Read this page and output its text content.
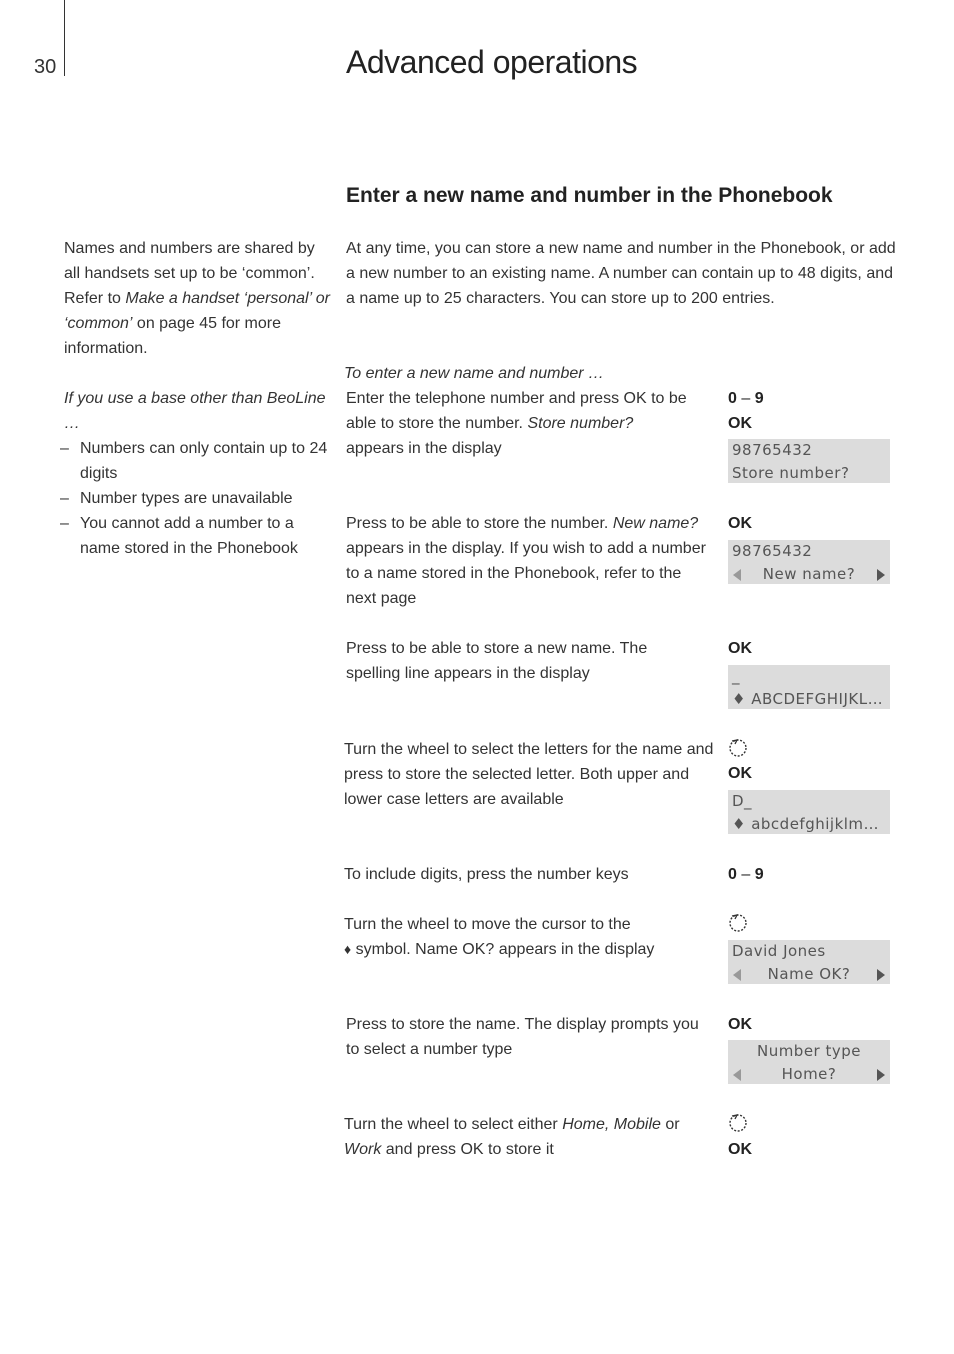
30	Advanced operations
Enter a new name and number in the Phonebook
Names and numbers are shared by all handsets set up to be ‘common’. Refer to Make a handset ‘personal’ or ‘common’ on page 45 for more information.
If you use a base other than BeoLine …
– Numbers can only contain up to 24 digits
– Number types are unavailable
– You cannot add a number to a name stored in the Phonebook
At any time, you can store a new name and number in the Phonebook, or add a new number to an existing name. A number can contain up to 48 digits, and a name up to 25 characters. You can store up to 200 entries.
To enter a new name and number …
Enter the telephone number and press OK to be able to store the number. Store number? appears in the display
0 – 9
OK
98765432
Store number?
Press to be able to store the number. New name? appears in the display. If you wish to add a number to a name stored in the Phonebook, refer to the next page
OK
98765432
New name?
Press to be able to store a new name. The spelling line appears in the display
OK
_
♦ ABCDEFGHIJKL…
Turn the wheel to select the letters for the name and press to store the selected letter. Both upper and lower case letters are available
OK
D_
♦ abcdefghijklm…
To include digits, press the number keys	0 – 9
Turn the wheel to move the cursor to the
♦ symbol. Name OK? appears in the display	David Jones
Name OK?
Press to store the name. The display prompts you to select a number type
OK
Number type
Home?
Turn the wheel to select either Home, Mobile or Work and press OK to store it	OK
